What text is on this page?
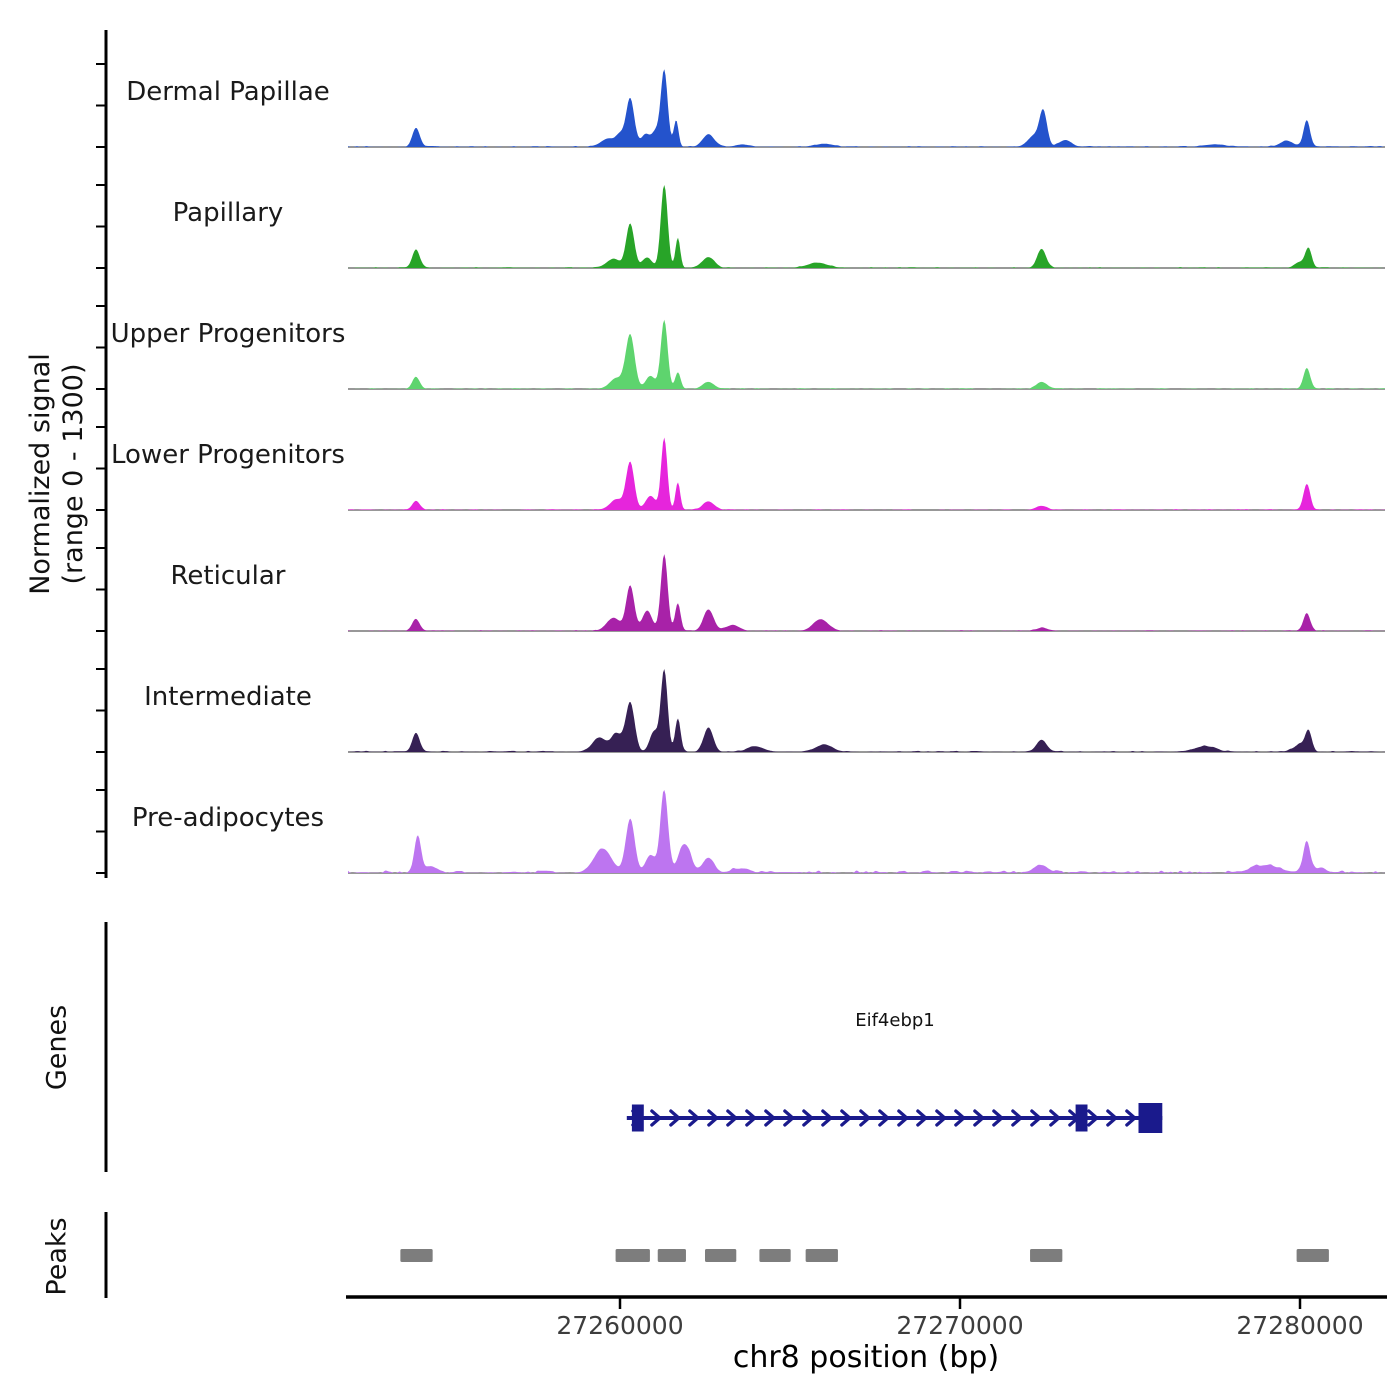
Normalized signal (range 0 - 1300)
Genes
Peaks
Eif4ebp1
chr8 position (bp)
Dermal Papillae
Papillary
Upper Progenitors
Lower Progenitors
Reticular
Intermediate
Pre-adipocytes
27260000	27270000	27280000
